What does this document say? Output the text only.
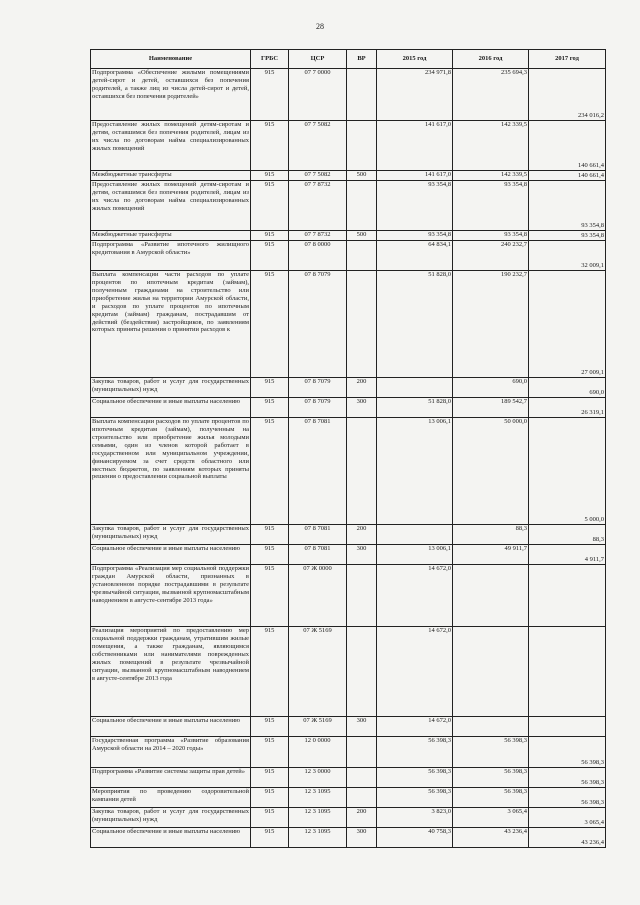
28
Наименование	ГРБС	ЦСР	ВР	2015 год	2016 год	2017 год
Подпрограмма «Обеспечение жилыми помещениями детей-сирот и детей, оставшихся без попечения родителей, а также лиц из числа детей-сирот и детей, оставшихся без попечения родителей»	915	07 7 0000		234 971,8	235 694,3	234 016,2
Предоставление жилых помещений детям-сиротам и детям, оставшимся без попечения родителей, лицам из их числа по договорам найма специализированных жилых помещений	915	07 7 5082		141 617,0	142 339,5	140 661,4
Межбюджетные трансферты	915	07 7 5082	500	141 617,0	142 339,5	140 661,4
Предоставление жилых помещений детям-сиротам и детям, оставшимся без попечения родителей, лицам из их числа по договорам найма специализированных жилых помещений	915	07 7 8732		93 354,8	93 354,8	93 354,8
Межбюджетные трансферты	915	07 7 8732	500	93 354,8	93 354,8	93 354,8
Подпрограмма «Развитие ипотечного жилищного кредитования в Амурской области»	915	07 8 0000		64 834,1	240 232,7	32 009,1
Выплата компенсации части расходов по уплате процентов по ипотечным кредитам (займам), полученным гражданами на строительство или приобретение жилья на территории Амурской области, и расходов по уплате процентов по ипотечным кредитам (займам) гражданам, пострадавшим от действий (бездействия) застройщиков, по заявлениям которых приняты решения о принятии расходов к	915	07 8 7079		51 828,0	190 232,7	27 009,1
Закупка товаров, работ и услуг для государственных (муниципальных) нужд	915	07 8 7079	200		690,0	690,0
Социальное обеспечение и иные выплаты населению	915	07 8 7079	300	51 828,0	189 542,7	26 319,1
Выплата компенсации расходов по уплате процентов по ипотечным кредитам (займам), полученным на строительство или приобретение жилья молодыми семьями, один из членов которой работает в государственном или муниципальном учреждении, финансируемом за счет средств областного или местных бюджетов, по заявлениям которых приняты решения о предоставлении социальной выплаты	915	07 8 7081		13 006,1	50 000,0	5 000,0
Закупка товаров, работ и услуг для государственных (муниципальных) нужд	915	07 8 7081	200		88,3	88,3
Социальное обеспечение и иные выплаты населению	915	07 8 7081	300	13 006,1	49 911,7	4 911,7
Подпрограмма «Реализация мер социальной поддержки граждан Амурской области, признанных в установленном порядке пострадавшими в результате чрезвычайной ситуации, вызванной крупномасштабным наводнением в августе-сентябре 2013 года»	915	07 Ж 0000		14 672,0		
Реализация мероприятий по предоставлению мер социальной поддержки гражданам, утратившим жилые помещения, а также гражданам, являющимся собственниками или нанимателями поврежденных жилых помещений в результате чрезвычайной ситуации, вызванной крупномасштабным наводнением в августе-сентябре 2013 года	915	07 Ж 5169		14 672,0		
Социальное обеспечение и иные выплаты населению	915	07 Ж 5169	300	14 672,0		
Государственная программа «Развитие образования Амурской области на 2014 – 2020 годы»	915	12 0 0000		56 398,3	56 398,3	56 398,3
Подпрограмма «Развитие системы защиты прав детей»	915	12 3 0000		56 398,3	56 398,3	56 398,3
Мероприятия по проведению оздоровительной кампании детей	915	12 3 1095		56 398,3	56 398,3	56 398,3
Закупка товаров, работ и услуг для государственных (муниципальных) нужд	915	12 3 1095	200	3 823,0	3 065,4	3 065,4
Социальное обеспечение и иные выплаты населению	915	12 3 1095	300	40 758,3	43 236,4	43 236,4
